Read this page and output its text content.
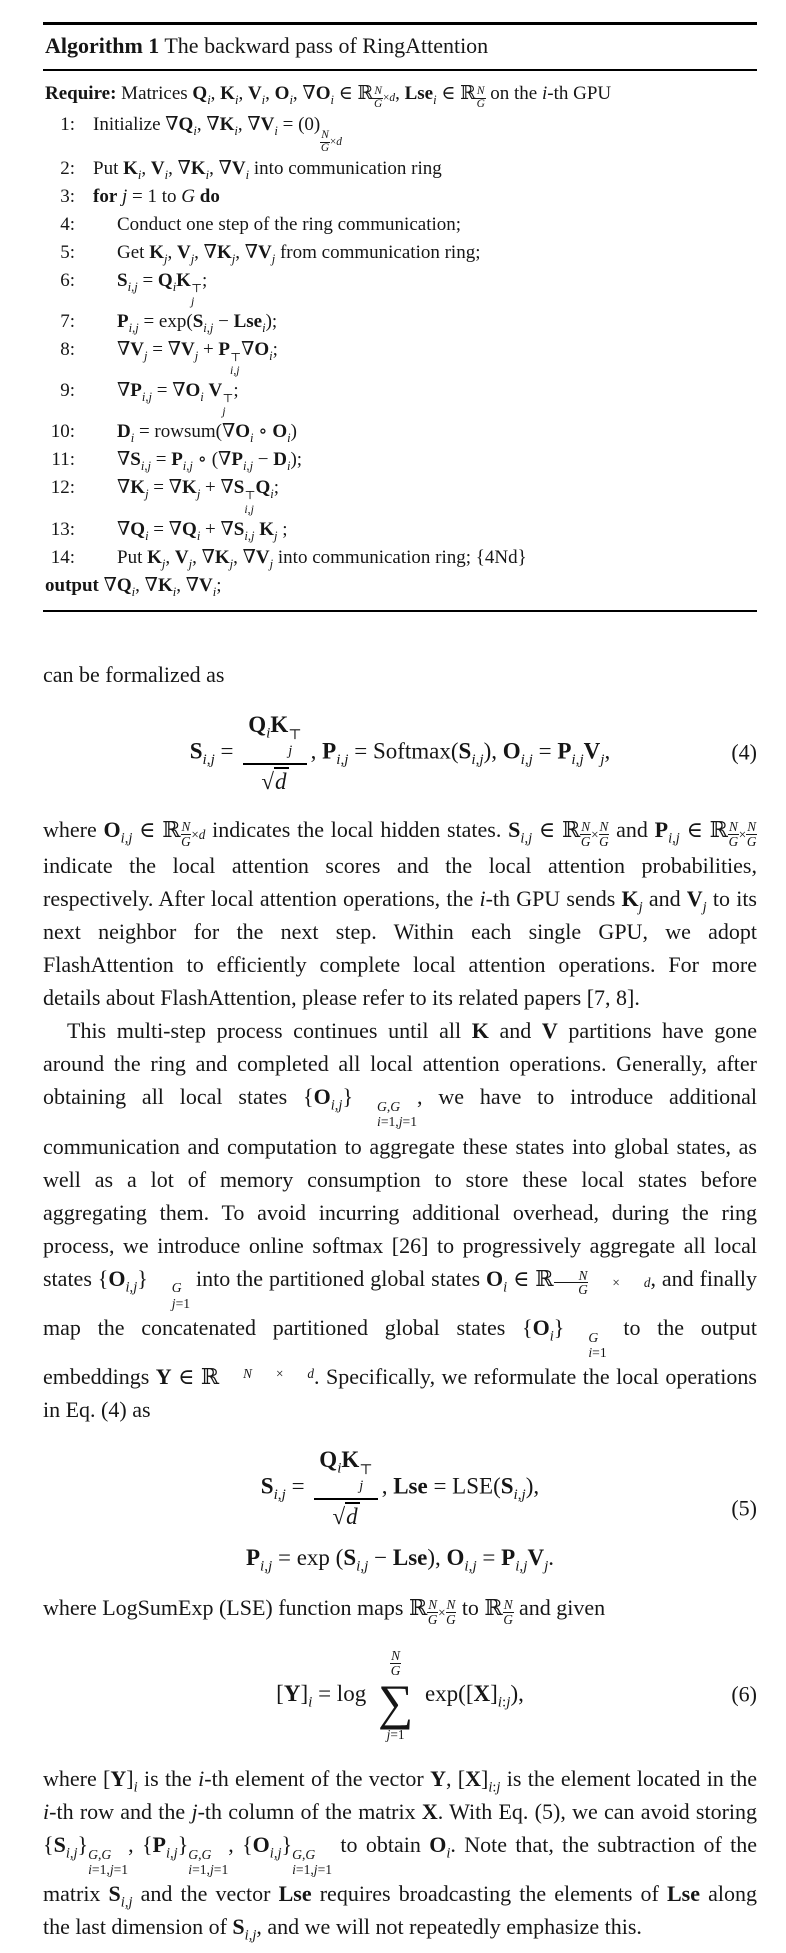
Algorithm 1 The backward pass of RingAttention
Require: Matrices $Q_i$, $K_i$, $V_i$, $O_i$, $\nabla O_i$ ∈ ℝ $^{\frac{N}{G} \times d}$ , Lse$_i$ ∈ ℝ $^{\frac{N}{G}}$ on the i-th GPU
1: Initialize $\nabla Q_i$, $\nabla K_i$, $\nabla V_i = (0)$
$_{\frac{N}{G} \times d}$
2: Put $K_i$, $V_i$, $\nabla K_i$, $\nabla V_i$ into communication ring
3: for j = 1 to G do
4:	Conduct one step of the ring communication;
5:	Get $K_j$, $V_j$, $\nabla K_j$, $\nabla V_j$ from communication ring;
6:	$S_{i,j} = Q_iK$ ⊤
j
;
7:	$P_{i,j} = \exp(S_{i,j} - Lse_i)$;
8:	$\nabla V_j = \nabla V_j + P$ ⊤
i,j
$\nabla O_i$;
9:	$\nabla P_{i,j} = \nabla O_i$ V ⊤
j
;
10:	$D_i$ = $rowsum(\nabla O_i$ ∘ $O_i$)
11:	$\nabla S_{i,j} = P_{i,j}$ ∘ $(\nabla P_{i,j} - D_i)$;
12:	$\nabla K_j = \nabla K_j + \nabla S$ ⊤
i,j
$Q_i$;
13:	$\nabla Q_i = \nabla Q_i + \nabla S_{i,j}$ $K_j$ ;
14:	Put $K_j$, $V_j$, $\nabla K_j$, $\nabla V_j$ into communication ring; {4Nd}
output $\nabla Q_i$, $\nabla K_i$, $\nabla V_i$;

can be formalized as

$S_{i,j} = Q_iK$ ⊤
j
√d , $P_{i,j}$ = $Softmax(S_{i,j})$, $O_{i,j} = P_{i,j}V_j$,	(4)

where $O_{i,j}$ ∈ ℝ $^{\frac{N}{G} \times d}$ indicates the local hidden states. $S_{i,j}$ ∈ ℝ $^{\frac{N}{G} \times \frac{N}{G}}$ and $P_{i,j}$ ∈ ℝ $^{\frac{N}{G} \times \frac{N}{G}}$
indicate the local attention scores and the local attention probabilities, respectively. After local attention operations, the i-th GPU sends $K_j$ and $V_j$ to its next neighbor for the next step. Within each single GPU, we adopt FlashAttention to efficiently complete local attention operations. For more details about FlashAttention, please refer to its related papers [7, 8].

This multi-step process continues until all K and V partitions have gone around the ring and completed all local attention operations. Generally, after obtaining all local states $\{O_{i,j}\}$	G,G
i=1,j=1
, we have to introduce additional communication and computation to aggregate these states into global states, as well as a lot of memory consumption to store these local states before aggregating them. To avoid incurring additional overhead, during the ring process, we introduce online softmax [26] to progressively aggregate all local states $\{O_{i,j}\}$	G
j=1
into the partitioned global states $O_i$ ∈ ℝ $^{\frac{N}{G} \times d}$ , and finally map the concatenated partitioned global states $\{O_i\}$	G
i=1
to the output embeddings Y ∈ ℝ	$^{N \times d}$ . Specifically, we reformulate the local operations in Eq. (4) as

$S_{i,j} = Q_iK$ ⊤
j
√d , Lse = $LSE(S_{i,j})$,
$P_{i,j} = \exp (S_{i,j} - Lse)$, $O_{i,j} = P_{i,j}V_j$.
(5)

where LogSumExp (LSE) function maps ℝ $^{\frac{N}{G} \times \frac{N}{G}}$ to ℝ $^{\frac{N}{G}}$ and given

$[Y]_i = \log$
$\frac{N}{G}$
∑
j=1
$\exp([X]_{i:j})$,	(6)

where $[Y]_i$ is the i-th element of the vector Y, $[X]_{i:j}$ is the element located in the i-th row and the j-th column of the matrix X. With Eq. (5), we can avoid storing $\{S_{i,j}\}$ G,G
i=1,j=1
, $\{P_{i,j}\}$ G,G
i=1,j=1
, $\{O_{i,j}\}$ G,G
i=1,j=1
to obtain $O_i$. Note that, the subtraction of the matrix $S_{i,j}$ and the vector Lse requires broadcasting the elements of Lse along the last dimension of $S_{i,j}$, and we will not repeatedly emphasize this.
